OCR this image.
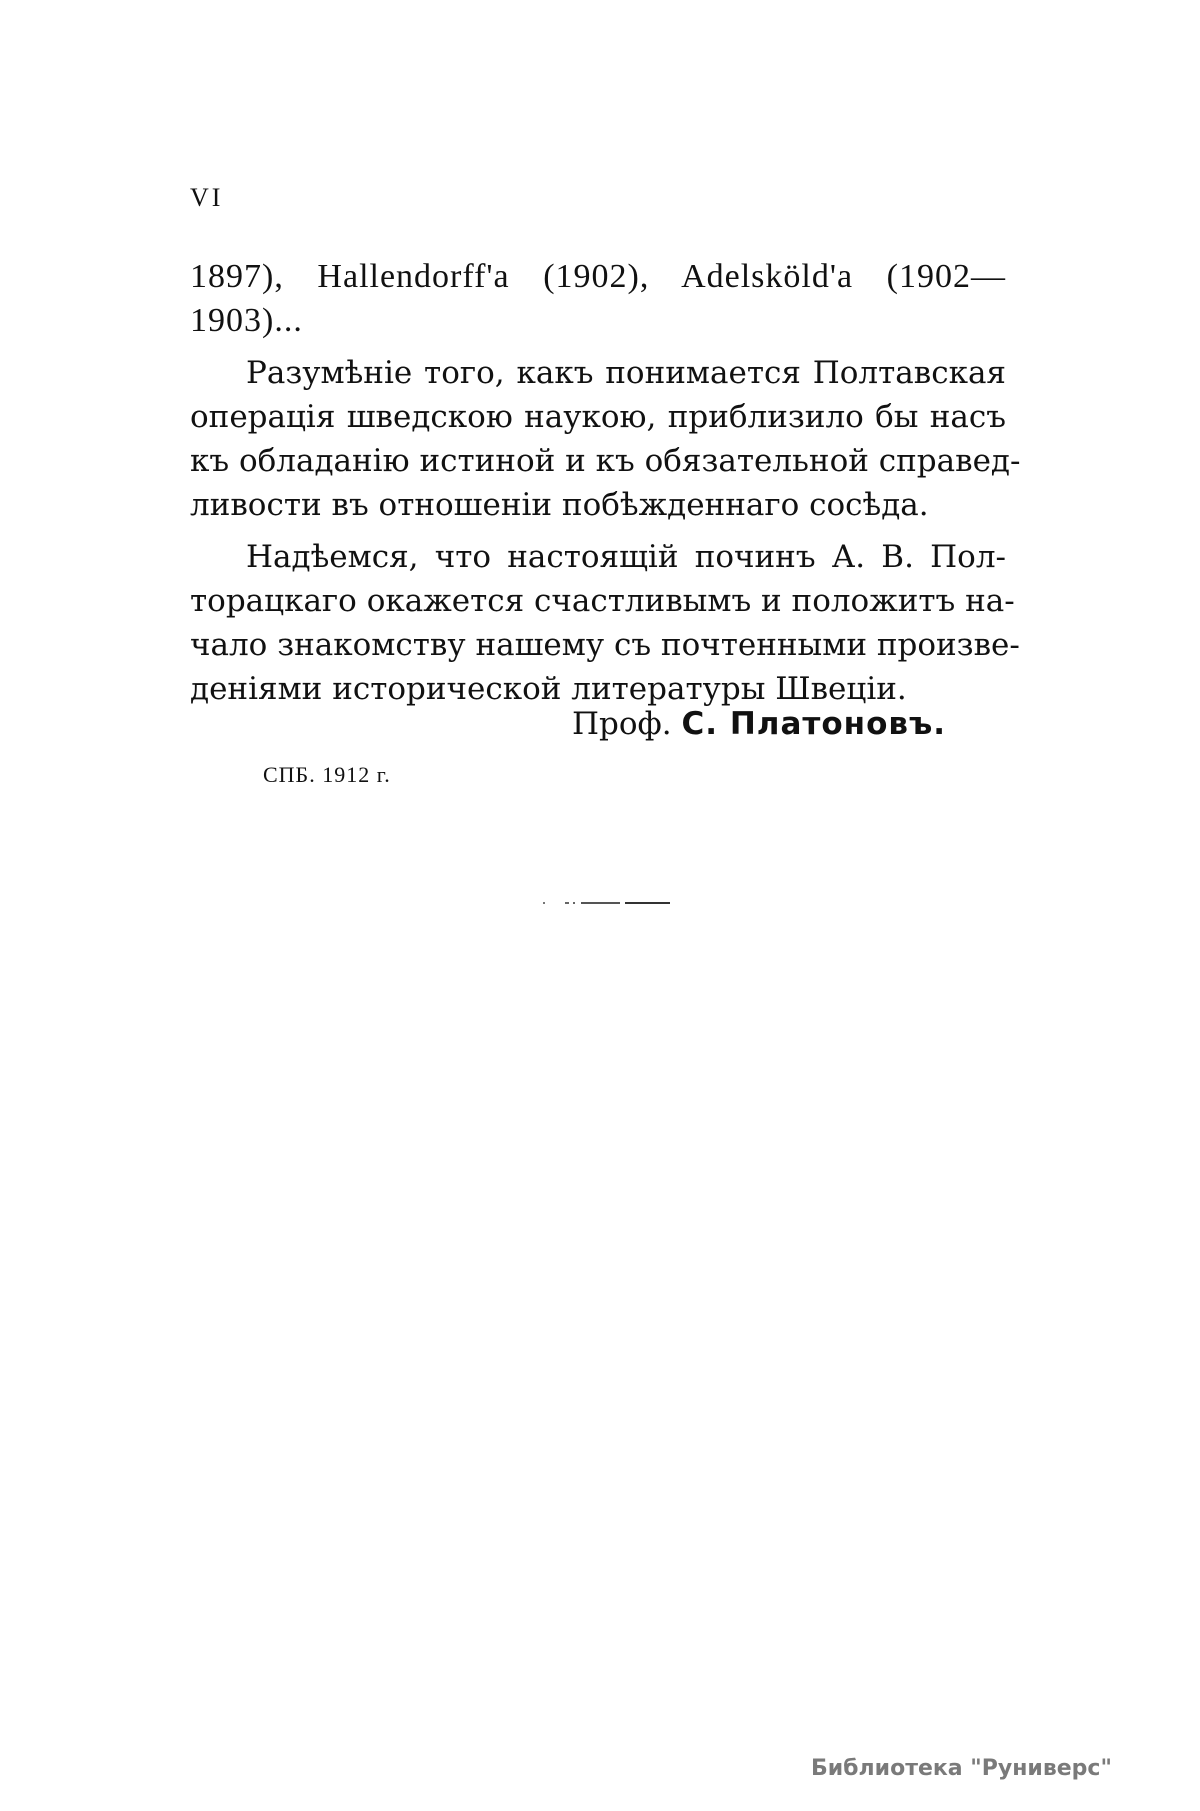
VI
1897), Hallendorff'a (1902), Adelsköld'a (1902—
1903)...
Разумѣніе того, какъ понимается Полтавская
операція шведскою наукою, приблизило бы насъ
къ обладанію истиной и къ обязательной справед-
ливости въ отношеніи побѣжденнаго сосѣда.
Надѣемся, что настоящій починъ А. В. Пол-
торацкаго окажется счастливымъ и положитъ на-
чало знакомству нашему съ почтенными произве-
деніями исторической литературы Швеціи.
Проф. С. Платоновъ.
СПБ. 1912 г.
Библиотека "Руниверс"
